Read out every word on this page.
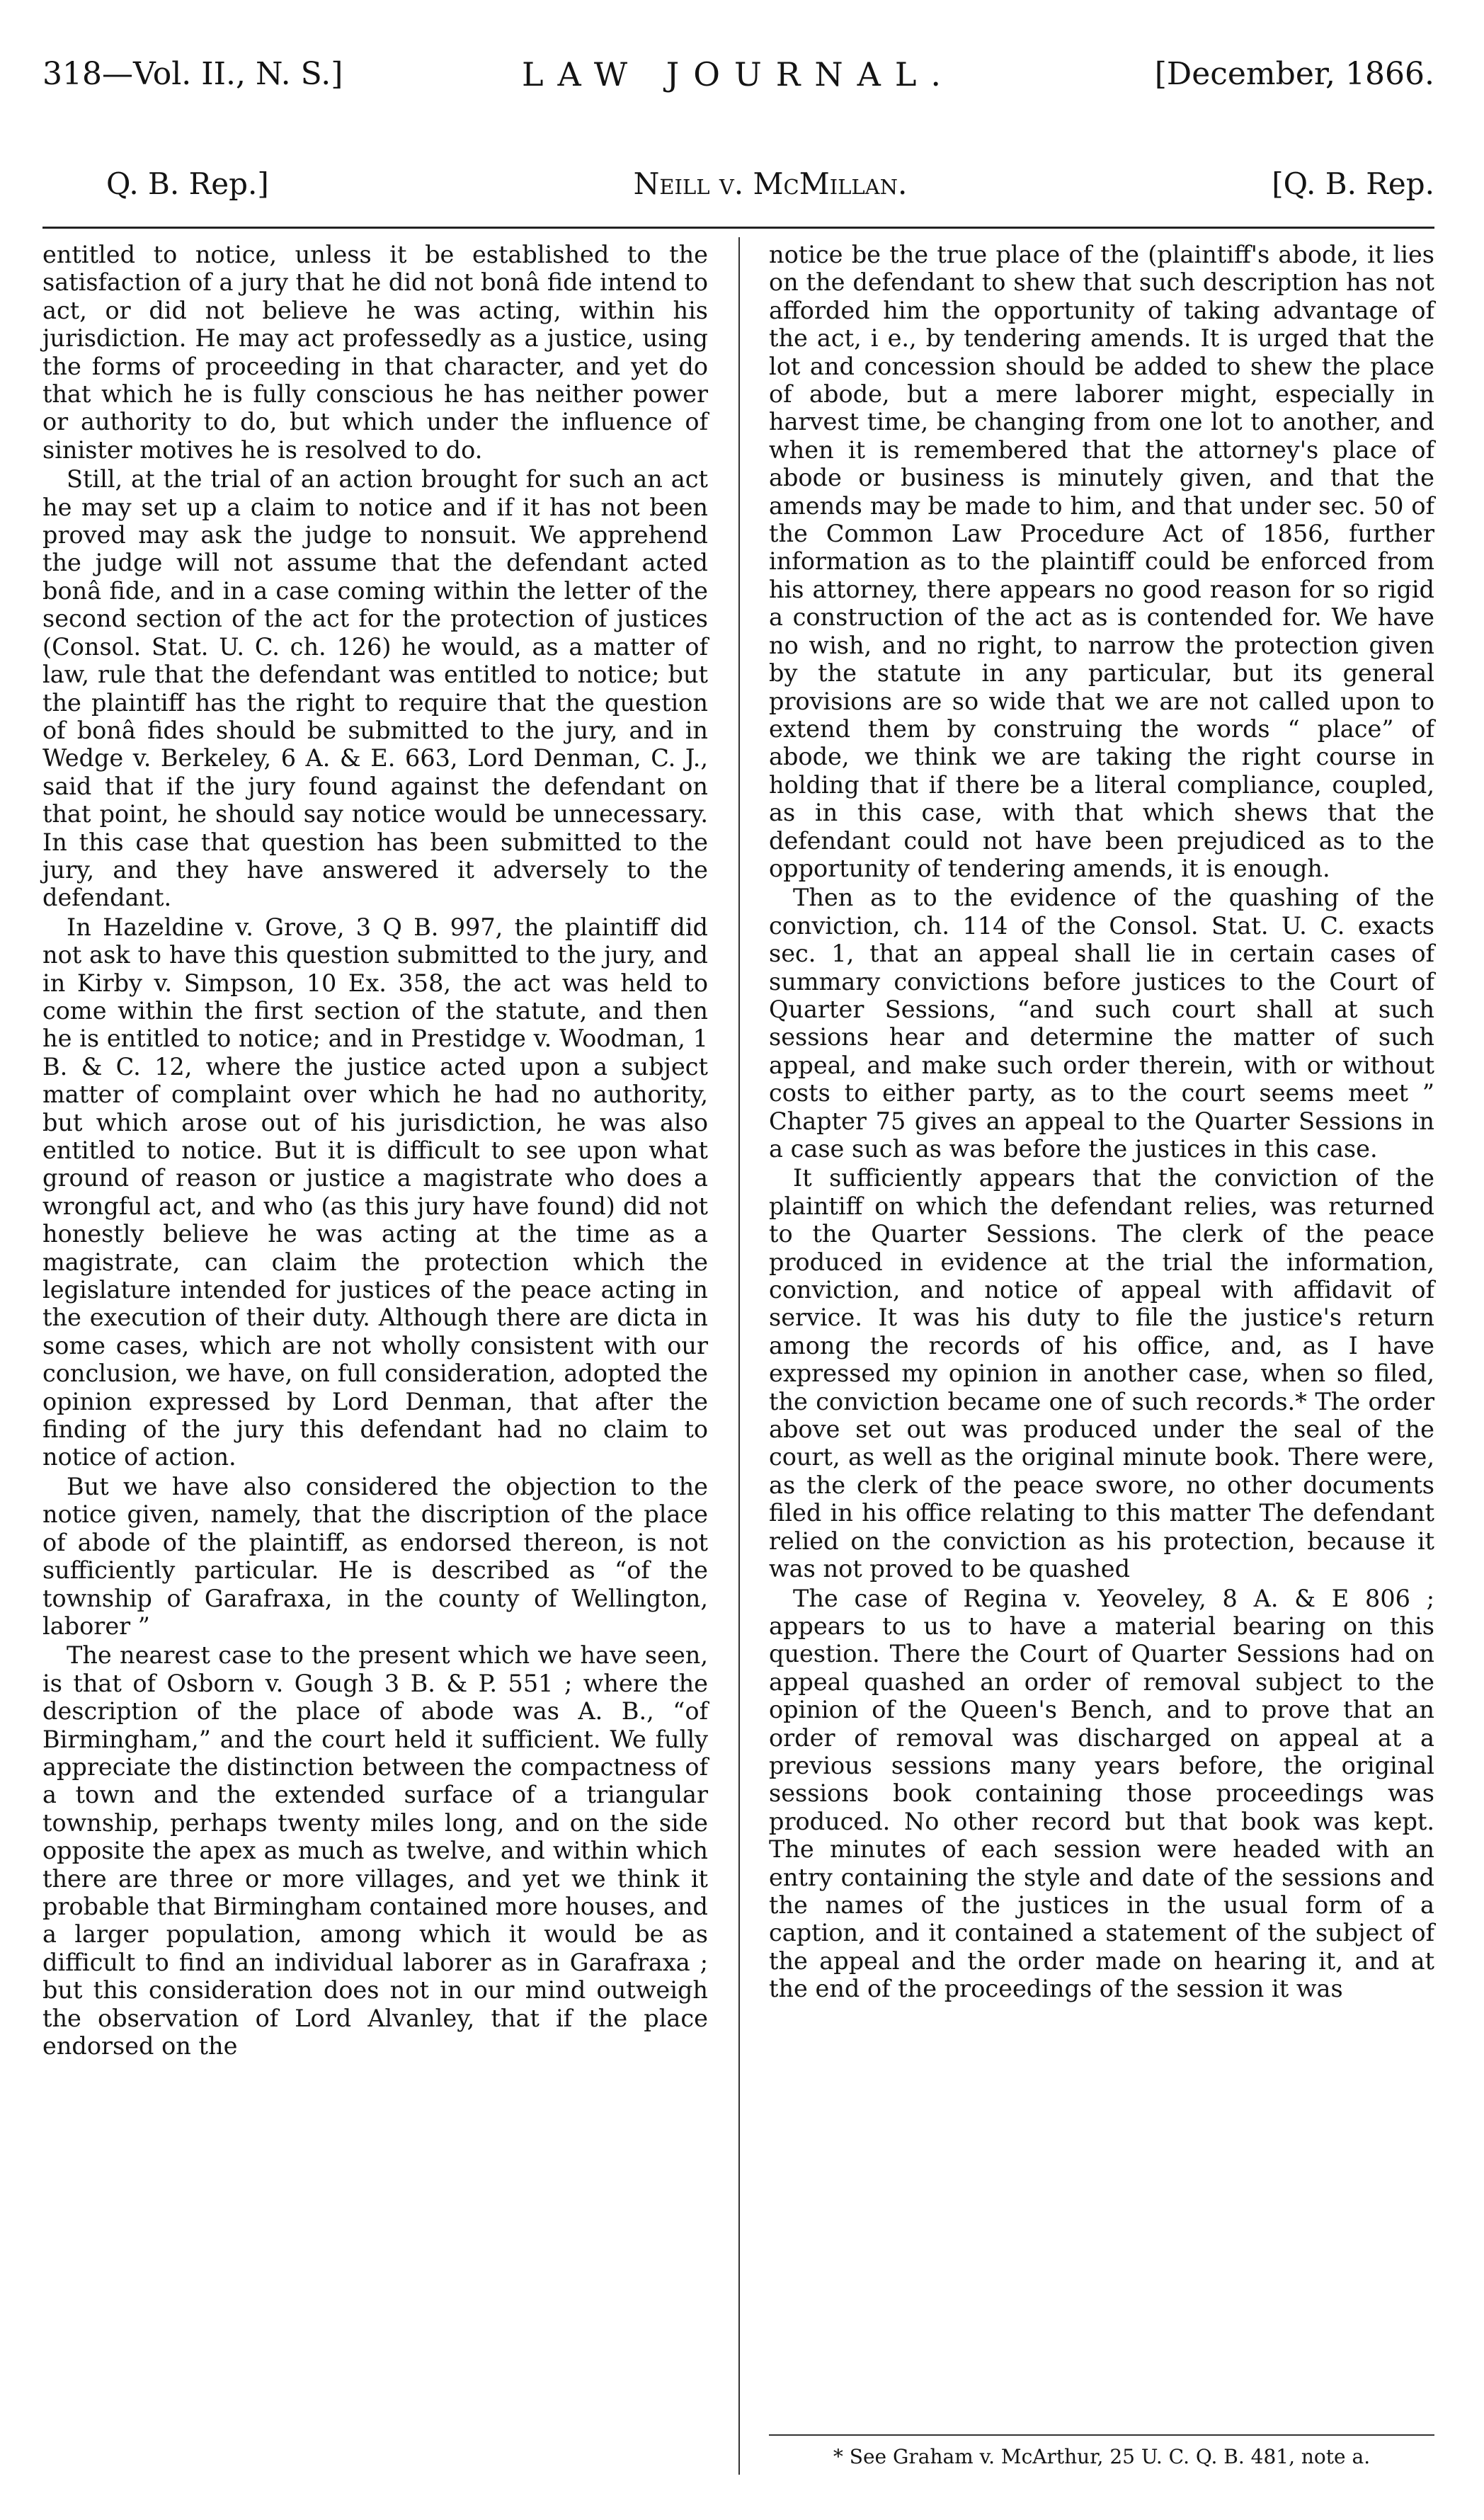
318—Vol. II., N. S.]	LAW JOURNAL.	[December, 1866.
Q. B. Rep.]	Neill v. McMillan.	[Q. B. Rep.

entitled to notice, unless it be established to the satisfaction of a jury that he did not bonâ fide intend to act, or did not believe he was acting, within his jurisdiction. He may act professedly as a justice, using the forms of proceeding in that character, and yet do that which he is fully conscious he has neither power or authority to do, but which under the influence of sinister motives he is resolved to do.

Still, at the trial of an action brought for such an act he may set up a claim to notice and if it has not been proved may ask the judge to nonsuit. We apprehend the judge will not assume that the defendant acted bonâ fide, and in a case coming within the letter of the second section of the act for the protection of justices (Consol. Stat. U. C. ch. 126) he would, as a matter of law, rule that the defendant was entitled to notice; but the plaintiff has the right to require that the question of bonâ fides should be submitted to the jury, and in Wedge v. Berkeley, 6 A. & E. 663, Lord Denman, C. J., said that if the jury found against the defendant on that point, he should say notice would be unnecessary. In this case that question has been submitted to the jury, and they have answered it adversely to the defendant.

In Hazeldine v. Grove, 3 Q B. 997, the plaintiff did not ask to have this question submitted to the jury, and in Kirby v. Simpson, 10 Ex. 358, the act was held to come within the first section of the statute, and then he is entitled to notice; and in Prestidge v. Woodman, 1 B. & C. 12, where the justice acted upon a subject matter of complaint over which he had no authority, but which arose out of his jurisdiction, he was also entitled to notice. But it is difficult to see upon what ground of reason or justice a magistrate who does a wrongful act, and who (as this jury have found) did not honestly believe he was acting at the time as a magistrate, can claim the protection which the legislature intended for justices of the peace acting in the execution of their duty. Although there are dicta in some cases, which are not wholly consistent with our conclusion, we have, on full consideration, adopted the opinion expressed by Lord Denman, that after the finding of the jury this defendant had no claim to notice of action.

But we have also considered the objection to the notice given, namely, that the discription of the place of abode of the plaintiff, as endorsed thereon, is not sufficiently particular. He is described as “of the township of Garafraxa, in the county of Wellington, laborer ”

The nearest case to the present which we have seen, is that of Osborn v. Gough 3 B. & P. 551 ; where the description of the place of abode was A. B., “of Birmingham,” and the court held it sufficient. We fully appreciate the distinction between the compactness of a town and the extended surface of a triangular township, perhaps twenty miles long, and on the side opposite the apex as much as twelve, and within which there are three or more villages, and yet we think it probable that Birmingham contained more houses, and a larger population, among which it would be as difficult to find an individual laborer as in Garafraxa ; but this consideration does not in our mind outweigh the observation of Lord Alvanley, that if the place endorsed on the

notice be the true place of the (plaintiff's abode, it lies on the defendant to shew that such description has not afforded him the opportunity of taking advantage of the act, i e., by tendering amends. It is urged that the lot and concession should be added to shew the place of abode, but a mere laborer might, especially in harvest time, be changing from one lot to another, and when it is remembered that the attorney's place of abode or business is minutely given, and that the amends may be made to him, and that under sec. 50 of the Common Law Procedure Act of 1856, further information as to the plaintiff could be enforced from his attorney, there appears no good reason for so rigid a construction of the act as is contended for. We have no wish, and no right, to narrow the protection given by the statute in any particular, but its general provisions are so wide that we are not called upon to extend them by construing the words “ place” of abode, we think we are taking the right course in holding that if there be a literal compliance, coupled, as in this case, with that which shews that the defendant could not have been prejudiced as to the opportunity of tendering amends, it is enough.

Then as to the evidence of the quashing of the conviction, ch. 114 of the Consol. Stat. U. C. exacts sec. 1, that an appeal shall lie in certain cases of summary convictions before justices to the Court of Quarter Sessions, “and such court shall at such sessions hear and determine the matter of such appeal, and make such order therein, with or without costs to either party, as to the court seems meet ” Chapter 75 gives an appeal to the Quarter Sessions in a case such as was before the justices in this case.

It sufficiently appears that the conviction of the plaintiff on which the defendant relies, was returned to the Quarter Sessions. The clerk of the peace produced in evidence at the trial the information, conviction, and notice of appeal with affidavit of service. It was his duty to file the justice's return among the records of his office, and, as I have expressed my opinion in another case, when so filed, the conviction became one of such records.* The order above set out was produced under the seal of the court, as well as the original minute book. There were, as the clerk of the peace swore, no other documents filed in his office relating to this matter The defendant relied on the conviction as his protection, because it was not proved to be quashed

The case of Regina v. Yeoveley, 8 A. & E 806 ; appears to us to have a material bearing on this question. There the Court of Quarter Sessions had on appeal quashed an order of removal subject to the opinion of the Queen's Bench, and to prove that an order of removal was discharged on appeal at a previous sessions many years before, the original sessions book containing those proceedings was produced. No other record but that book was kept. The minutes of each session were headed with an entry containing the style and date of the sessions and the names of the justices in the usual form of a caption, and it contained a statement of the subject of the appeal and the order made on hearing it, and at the end of the proceedings of the session it was

* See Graham v. McArthur, 25 U. C. Q. B. 481, note a.
